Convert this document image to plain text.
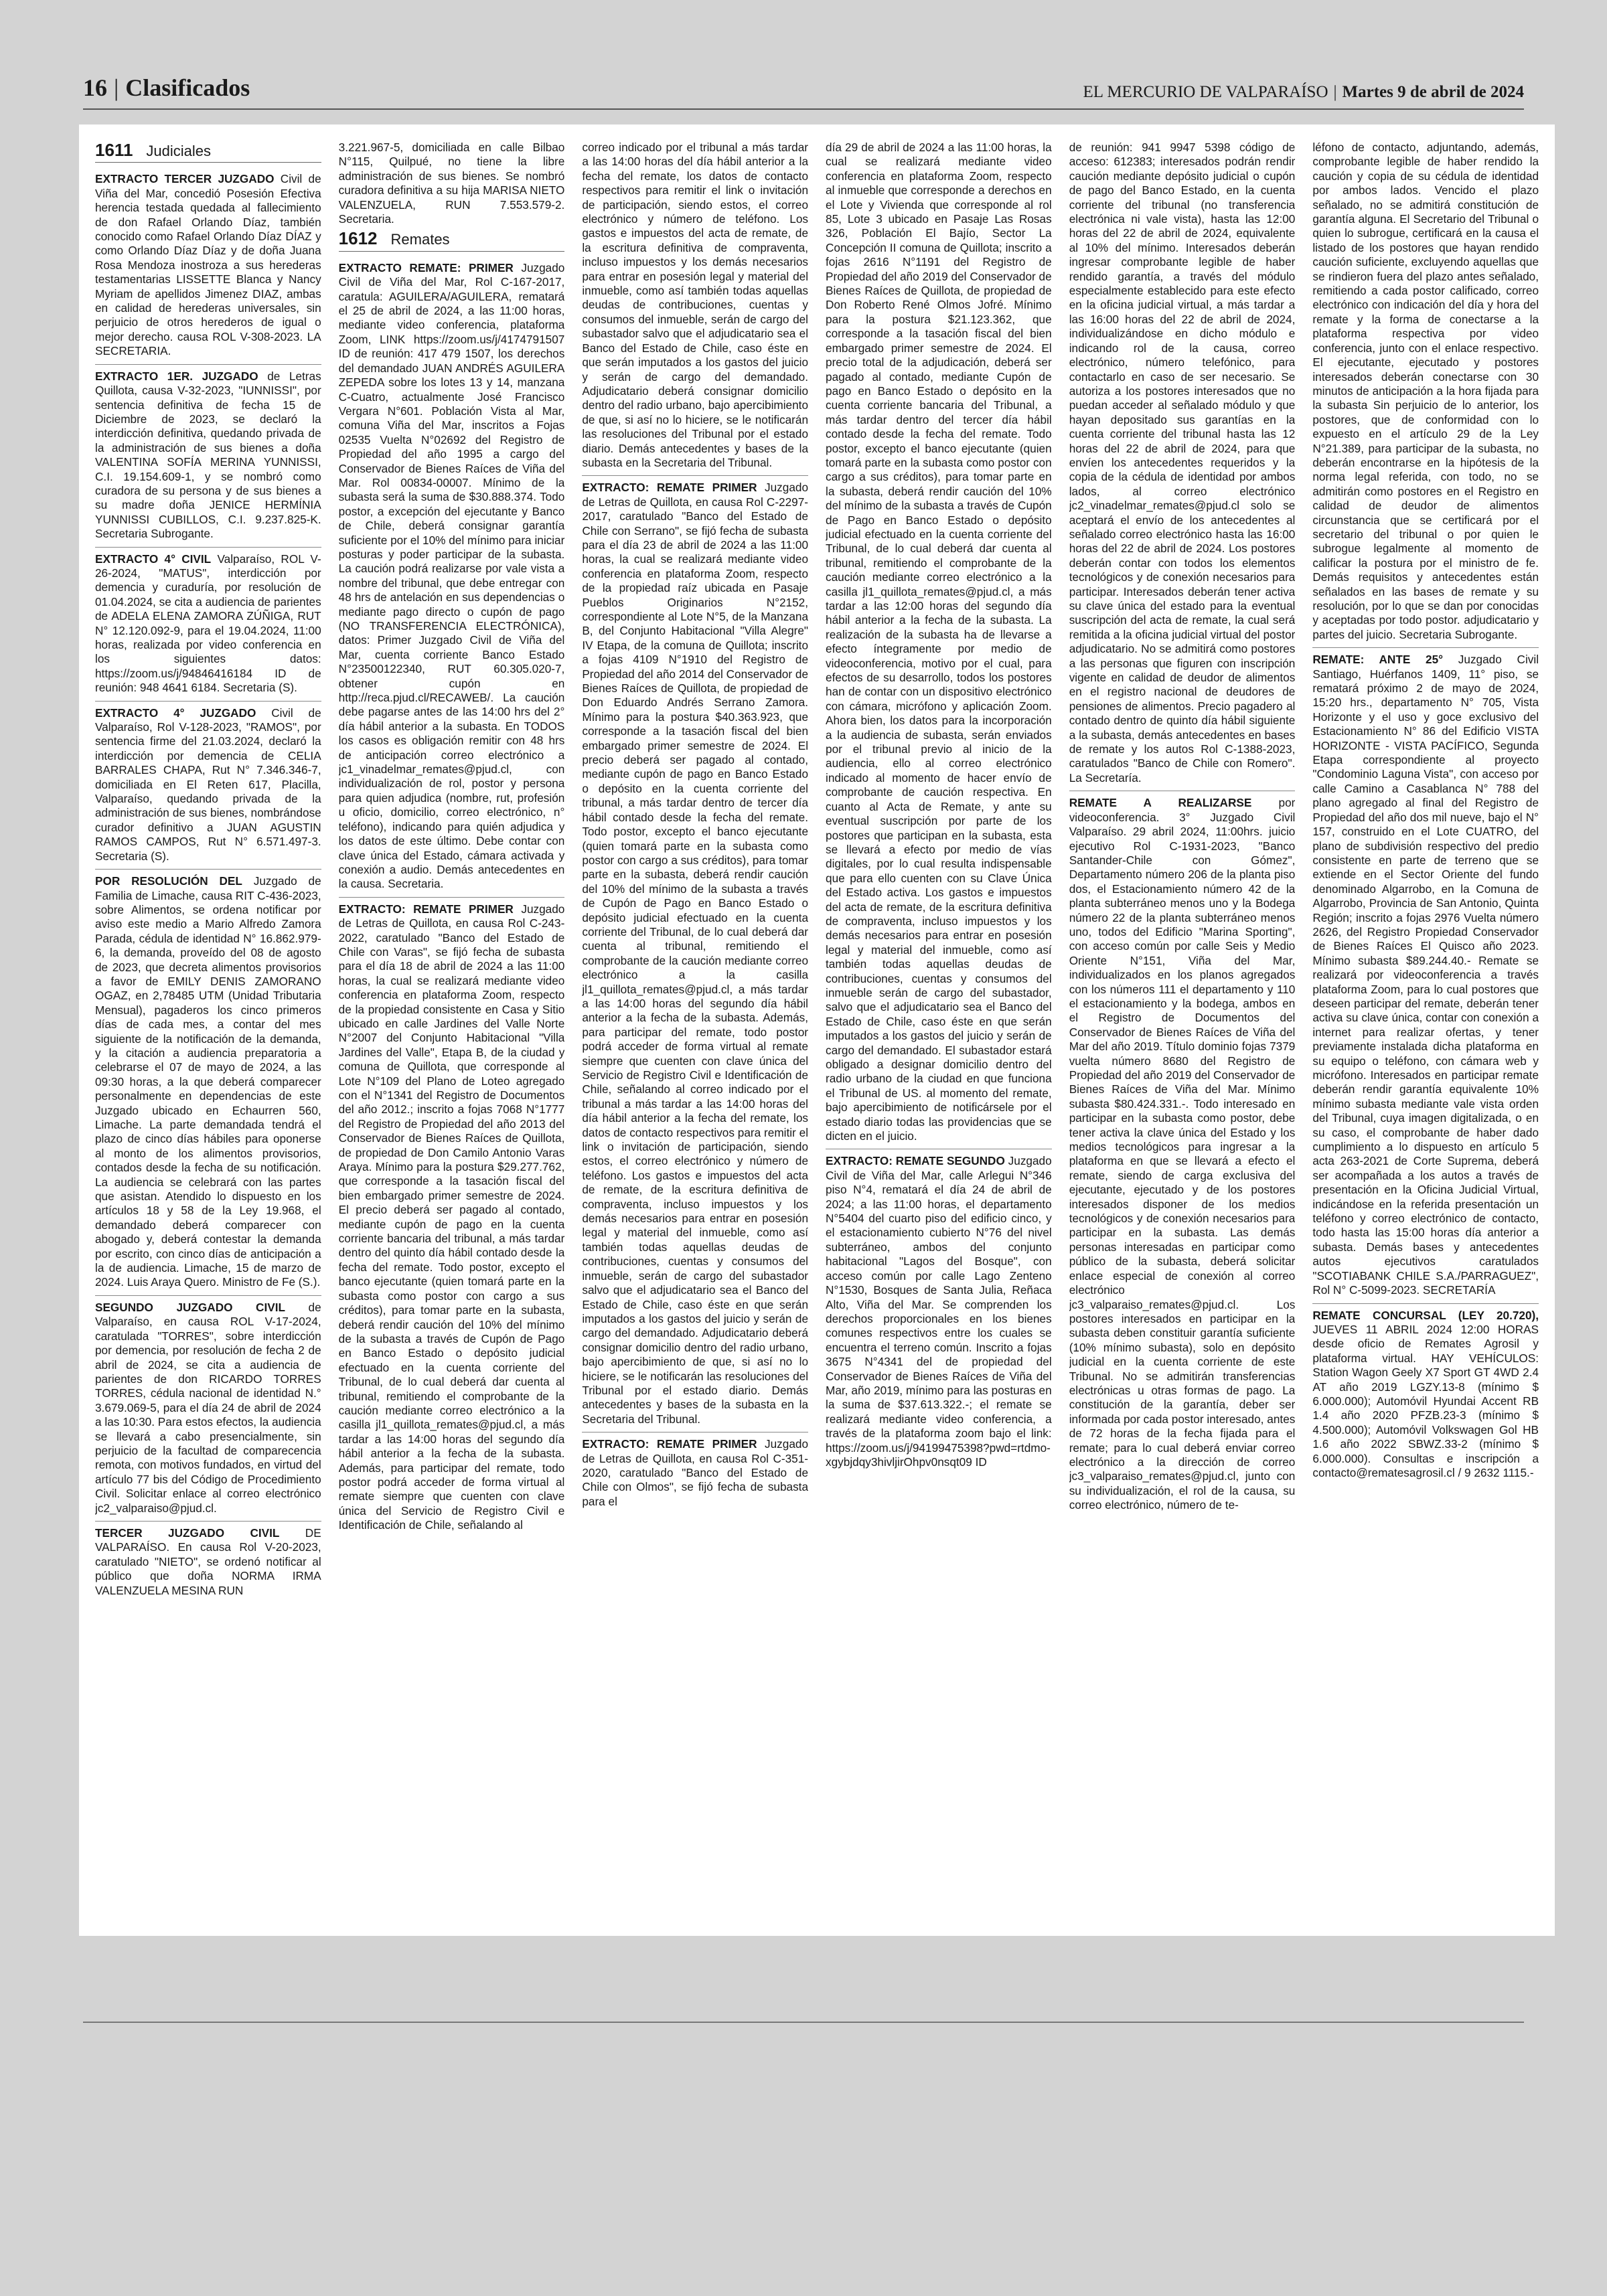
16 | Clasificados	EL MERCURIO DE VALPARAÍSO | Martes 9 de abril de 2024
1611 Judiciales

EXTRACTO TERCER JUZGADO Civil de Viña del Mar, concedió Posesión Efectiva herencia testada quedada al fallecimiento de don Rafael Orlando Díaz, también conocido como Rafael Orlando Díaz DÍAZ y como Orlando Díaz Díaz y de doña Juana Rosa Mendoza inostroza a sus herederas testamentarias LISSETTE Blanca y Nancy Myriam de apellidos Jimenez DIAZ, ambas en calidad de herederas universales, sin perjuicio de otros herederos de igual o mejor derecho. causa ROL V-308-2023. LA SECRETARIA.

EXTRACTO 1ER. JUZGADO de Letras Quillota, causa V-32-2023, "IUNNISSI", por sentencia definitiva de fecha 15 de Diciembre de 2023, se declaró la interdicción definitiva, quedando privada de la administración de sus bienes a doña VALENTINA SOFÍA MERINA YUNNISSI, C.I. 19.154.609-1, y se nombró como curadora de su persona y de sus bienes a su madre doña JENICE HERMÍNIA YUNNISSI CUBILLOS, C.I. 9.237.825-K. Secretaria Subrogante.

EXTRACTO 4° CIVIL Valparaíso, ROL V-26-2024, "MATUS", interdicción por demencia y curaduría, por resolución de 01.04.2024, se cita a audiencia de parientes de ADELA ELENA ZAMORA ZÚÑIGA, RUT N° 12.120.092-9, para el 19.04.2024, 11:00 horas, realizada por video conferencia en los siguientes datos: https://zoom.us/j/94846416184 ID de reunión: 948 4641 6184. Secretaria (S).

EXTRACTO 4° JUZGADO Civil de Valparaíso, Rol V-128-2023, "RAMOS", por sentencia firme del 21.03.2024, declaró la interdicción por demencia de CELIA BARRALES CHAPA, Rut N° 7.346.346-7, domiciliada en El Reten 617, Placilla, Valparaíso, quedando privada de la administración de sus bienes, nombrándose curador definitivo a JUAN AGUSTIN RAMOS CAMPOS, Rut N° 6.571.497-3. Secretaria (S).

POR RESOLUCIÓN DEL Juzgado de Familia de Limache, causa RIT C-436-2023, sobre Alimentos, se ordena notificar por aviso este medio a Mario Alfredo Zamora Parada, cédula de identidad N° 16.862.979-6, la demanda, proveído del 08 de agosto de 2023, que decreta alimentos provisorios a favor de EMILY DENIS ZAMORANO OGAZ, en 2,78485 UTM (Unidad Tributaria Mensual), pagaderos los cinco primeros días de cada mes, a contar del mes siguiente de la notificación de la demanda, y la citación a audiencia preparatoria a celebrarse el 07 de mayo de 2024, a las 09:30 horas, a la que deberá comparecer personalmente en dependencias de este Juzgado ubicado en Echaurren 560, Limache. La parte demandada tendrá el plazo de cinco días hábiles para oponerse al monto de los alimentos provisorios, contados desde la fecha de su notificación. La audiencia se celebrará con las partes que asistan. Atendido lo dispuesto en los artículos 18 y 58 de la Ley 19.968, el demandado deberá comparecer con abogado y, deberá contestar la demanda por escrito, con cinco días de anticipación a la de audiencia. Limache, 15 de marzo de 2024. Luis Araya Quero. Ministro de Fe (S.).

SEGUNDO JUZGADO CIVIL de Valparaíso, en causa ROL V-17-2024, caratulada "TORRES", sobre interdicción por demencia, por resolución de fecha 2 de abril de 2024, se cita a audiencia de parientes de don RICARDO TORRES TORRES, cédula nacional de identidad N.° 3.679.069-5, para el día 24 de abril de 2024 a las 10:30. Para estos efectos, la audiencia se llevará a cabo presencialmente, sin perjuicio de la facultad de comparecencia remota, con motivos fundados, en virtud del artículo 77 bis del Código de Procedimiento Civil. Solicitar enlace al correo electrónico jc2_valparaiso@pjud.cl.

TERCER JUZGADO CIVIL DE VALPARAÍSO. En causa Rol V-20-2023, caratulado "NIETO", se ordenó notificar al público que doña NORMA IRMA VALENZUELA MESINA RUN

3.221.967-5, domiciliada en calle Bilbao N°115, Quilpué, no tiene la libre administración de sus bienes. Se nombró curadora definitiva a su hija MARISA NIETO VALENZUELA, RUN 7.553.579-2. Secretaria.

1612 Remates

EXTRACTO REMATE: PRIMER Juzgado Civil de Viña del Mar, Rol C-167-2017, caratula: AGUILERA/AGUILERA, rematará el 25 de abril de 2024, a las 11:00 horas, mediante video conferencia, plataforma Zoom, LINK https://zoom.us/j/4174791507 ID de reunión: 417 479 1507, los derechos del demandado JUAN ANDRÉS AGUILERA ZEPEDA sobre los lotes 13 y 14, manzana C-Cuatro, actualmente José Francisco Vergara N°601. Población Vista al Mar, comuna Viña del Mar, inscritos a Fojas 02535 Vuelta N°02692 del Registro de Propiedad del año 1995 a cargo del Conservador de Bienes Raíces de Viña del Mar. Rol 00834-00007. Mínimo de la subasta será la suma de $30.888.374. Todo postor, a excepción del ejecutante y Banco de Chile, deberá consignar garantía suficiente por el 10% del mínimo para iniciar posturas y poder participar de la subasta. La caución podrá realizarse por vale vista a nombre del tribunal, que debe entregar con 48 hrs de antelación en sus dependencias o mediante pago directo o cupón de pago (NO TRANSFERENCIA ELECTRÓNICA), datos: Primer Juzgado Civil de Viña del Mar, cuenta corriente Banco Estado N°23500122340, RUT 60.305.020-7, obtener cupón en http://reca.pjud.cl/RECAWEB/. La caución debe pagarse antes de las 14:00 hrs del 2° día hábil anterior a la subasta. En TODOS los casos es obligación remitir con 48 hrs de anticipación correo electrónico a jc1_vinadelmar_remates@pjud.cl, con individualización de rol, postor y persona para quien adjudica (nombre, rut, profesión u oficio, domicilio, correo electrónico, n° teléfono), indicando para quién adjudica y los datos de este último. Debe contar con clave única del Estado, cámara activada y conexión a audio. Demás antecedentes en la causa. Secretaria.

EXTRACTO: REMATE PRIMER Juzgado de Letras de Quillota, en causa Rol C-243-2022, caratulado "Banco del Estado de Chile con Varas", se fijó fecha de subasta para el día 18 de abril de 2024 a las 11:00 horas, la cual se realizará mediante video conferencia en plataforma Zoom, respecto de la propiedad consistente en Casa y Sitio ubicado en calle Jardines del Valle Norte N°2007 del Conjunto Habitacional "Villa Jardines del Valle", Etapa B, de la ciudad y comuna de Quillota, que corresponde al Lote N°109 del Plano de Loteo agregado con el N°1341 del Registro de Documentos del año 2012.; inscrito a fojas 7068 N°1777 del Registro de Propiedad del año 2013 del Conservador de Bienes Raíces de Quillota, de propiedad de Don Camilo Antonio Varas Araya. Mínimo para la postura $29.277.762, que corresponde a la tasación fiscal del bien embargado primer semestre de 2024. El precio deberá ser pagado al contado, mediante cupón de pago en la cuenta corriente bancaria del tribunal, a más tardar dentro del quinto día hábil contado desde la fecha del remate. Todo postor, excepto el banco ejecutante (quien tomará parte en la subasta como postor con cargo a sus créditos), para tomar parte en la subasta, deberá rendir caución del 10% del mínimo de la subasta a través de Cupón de Pago en Banco Estado o depósito judicial efectuado en la cuenta corriente del Tribunal, de lo cual deberá dar cuenta al tribunal, remitiendo el comprobante de la caución mediante correo electrónico a la casilla jl1_quillota_remates@pjud.cl, a más tardar a las 14:00 horas del segundo día hábil anterior a la fecha de la subasta. Además, para participar del remate, todo postor podrá acceder de forma virtual al remate siempre que cuenten con clave única del Servicio de Registro Civil e Identificación de Chile, señalando al

correo indicado por el tribunal a más tardar a las 14:00 horas del día hábil anterior a la fecha del remate, los datos de contacto respectivos para remitir el link o invitación de participación, siendo estos, el correo electrónico y número de teléfono. Los gastos e impuestos del acta de remate, de la escritura definitiva de compraventa, incluso impuestos y los demás necesarios para entrar en posesión legal y material del inmueble, como así también todas aquellas deudas de contribuciones, cuentas y consumos del inmueble, serán de cargo del subastador salvo que el adjudicatario sea el Banco del Estado de Chile, caso éste en que serán imputados a los gastos del juicio y serán de cargo del demandado. Adjudicatario deberá consignar domicilio dentro del radio urbano, bajo apercibimiento de que, si así no lo hiciere, se le notificarán las resoluciones del Tribunal por el estado diario. Demás antecedentes y bases de la subasta en la Secretaria del Tribunal.

EXTRACTO: REMATE PRIMER Juzgado de Letras de Quillota, en causa Rol C-2297-2017, caratulado "Banco del Estado de Chile con Serrano", se fijó fecha de subasta para el día 23 de abril de 2024 a las 11:00 horas, la cual se realizará mediante video conferencia en plataforma Zoom, respecto de la propiedad raíz ubicada en Pasaje Pueblos Originarios N°2152, correspondiente al Lote N°5, de la Manzana B, del Conjunto Habitacional "Villa Alegre" IV Etapa, de la comuna de Quillota; inscrito a fojas 4109 N°1910 del Registro de Propiedad del año 2014 del Conservador de Bienes Raíces de Quillota, de propiedad de Don Eduardo Andrés Serrano Zamora. Mínimo para la postura $40.363.923, que corresponde a la tasación fiscal del bien embargado primer semestre de 2024. El precio deberá ser pagado al contado, mediante cupón de pago en Banco Estado o depósito en la cuenta corriente del tribunal, a más tardar dentro de tercer día hábil contado desde la fecha del remate. Todo postor, excepto el banco ejecutante (quien tomará parte en la subasta como postor con cargo a sus créditos), para tomar parte en la subasta, deberá rendir caución del 10% del mínimo de la subasta a través de Cupón de Pago en Banco Estado o depósito judicial efectuado en la cuenta corriente del Tribunal, de lo cual deberá dar cuenta al tribunal, remitiendo el comprobante de la caución mediante correo electrónico a la casilla jl1_quillota_remates@pjud.cl, a más tardar a las 14:00 horas del segundo día hábil anterior a la fecha de la subasta. Además, para participar del remate, todo postor podrá acceder de forma virtual al remate siempre que cuenten con clave única del Servicio de Registro Civil e Identificación de Chile, señalando al correo indicado por el tribunal a más tardar a las 14:00 horas del día hábil anterior a la fecha del remate, los datos de contacto respectivos para remitir el link o invitación de participación, siendo estos, el correo electrónico y número de teléfono. Los gastos e impuestos del acta de remate, de la escritura definitiva de compraventa, incluso impuestos y los demás necesarios para entrar en posesión legal y material del inmueble, como así también todas aquellas deudas de contribuciones, cuentas y consumos del inmueble, serán de cargo del subastador salvo que el adjudicatario sea el Banco del Estado de Chile, caso éste en que serán imputados a los gastos del juicio y serán de cargo del demandado. Adjudicatario deberá consignar domicilio dentro del radio urbano, bajo apercibimiento de que, si así no lo hiciere, se le notificarán las resoluciones del Tribunal por el estado diario. Demás antecedentes y bases de la subasta en la Secretaria del Tribunal.

EXTRACTO: REMATE PRIMER Juzgado de Letras de Quillota, en causa Rol C-351-2020, caratulado "Banco del Estado de Chile con Olmos", se fijó fecha de subasta para el

día 29 de abril de 2024 a las 11:00 horas, la cual se realizará mediante video conferencia en plataforma Zoom, respecto al inmueble que corresponde a derechos en el Lote y Vivienda que corresponde al rol 85, Lote 3 ubicado en Pasaje Las Rosas 326, Población El Bajío, Sector La Concepción II comuna de Quillota; inscrito a fojas 2616 N°1191 del Registro de Propiedad del año 2019 del Conservador de Bienes Raíces de Quillota, de propiedad de Don Roberto René Olmos Jofré. Mínimo para la postura $21.123.362, que corresponde a la tasación fiscal del bien embargado primer semestre de 2024. El precio total de la adjudicación, deberá ser pagado al contado, mediante Cupón de pago en Banco Estado o depósito en la cuenta corriente bancaria del Tribunal, a más tardar dentro del tercer día hábil contado desde la fecha del remate. Todo postor, excepto el banco ejecutante (quien tomará parte en la subasta como postor con cargo a sus créditos), para tomar parte en la subasta, deberá rendir caución del 10% del mínimo de la subasta a través de Cupón de Pago en Banco Estado o depósito judicial efectuado en la cuenta corriente del Tribunal, de lo cual deberá dar cuenta al tribunal, remitiendo el comprobante de la caución mediante correo electrónico a la casilla jl1_quillota_remates@pjud.cl, a más tardar a las 12:00 horas del segundo día hábil anterior a la fecha de la subasta. La realización de la subasta ha de llevarse a efecto íntegramente por medio de videoconferencia, motivo por el cual, para efectos de su desarrollo, todos los postores han de contar con un dispositivo electrónico con cámara, micrófono y aplicación Zoom. Ahora bien, los datos para la incorporación a la audiencia de subasta, serán enviados por el tribunal previo al inicio de la audiencia, ello al correo electrónico indicado al momento de hacer envío de comprobante de caución respectiva. En cuanto al Acta de Remate, y ante su eventual suscripción por parte de los postores que participan en la subasta, esta se llevará a efecto por medio de vías digitales, por lo cual resulta indispensable que para ello cuenten con su Clave Única del Estado activa. Los gastos e impuestos del acta de remate, de la escritura definitiva de compraventa, incluso impuestos y los demás necesarios para entrar en posesión legal y material del inmueble, como así también todas aquellas deudas de contribuciones, cuentas y consumos del inmueble serán de cargo del subastador, salvo que el adjudicatario sea el Banco del Estado de Chile, caso éste en que serán imputados a los gastos del juicio y serán de cargo del demandado. El subastador estará obligado a designar domicilio dentro del radio urbano de la ciudad en que funciona el Tribunal de US. al momento del remate, bajo apercibimiento de notificársele por el estado diario todas las providencias que se dicten en el juicio.

EXTRACTO: REMATE SEGUNDO Juzgado Civil de Viña del Mar, calle Arlegui N°346 piso N°4, rematará el día 24 de abril de 2024; a las 11:00 horas, el departamento N°5404 del cuarto piso del edificio cinco, y el estacionamiento cubierto N°76 del nivel subterráneo, ambos del conjunto habitacional "Lagos del Bosque", con acceso común por calle Lago Zenteno N°1530, Bosques de Santa Julia, Reñaca Alto, Viña del Mar. Se comprenden los derechos proporcionales en los bienes comunes respectivos entre los cuales se encuentra el terreno común. Inscrito a fojas 3675 N°4341 del de propiedad del Conservador de Bienes Raíces de Viña del Mar, año 2019, mínimo para las posturas en la suma de $37.613.322.-; el remate se realizará mediante video conferencia, a través de la plataforma zoom bajo el link: https://zoom.us/j/94199475398?pwd=rtdmo-xgybjdqy3hivljirOhpv0nsqt09 ID

de reunión: 941 9947 5398 código de acceso: 612383; interesados podrán rendir caución mediante depósito judicial o cupón de pago del Banco Estado, en la cuenta corriente del tribunal (no transferencia electrónica ni vale vista), hasta las 12:00 horas del 22 de abril de 2024, equivalente al 10% del mínimo. Interesados deberán ingresar comprobante legible de haber rendido garantía, a través del módulo especialmente establecido para este efecto en la oficina judicial virtual, a más tardar a las 16:00 horas del 22 de abril de 2024, individualizándose en dicho módulo e indicando rol de la causa, correo electrónico, número telefónico, para contactarlo en caso de ser necesario. Se autoriza a los postores interesados que no puedan acceder al señalado módulo y que hayan depositado sus garantías en la cuenta corriente del tribunal hasta las 12 horas del 22 de abril de 2024, para que envíen los antecedentes requeridos y la copia de la cédula de identidad por ambos lados, al correo electrónico jc2_vinadelmar_remates@pjud.cl solo se aceptará el envío de los antecedentes al señalado correo electrónico hasta las 16:00 horas del 22 de abril de 2024. Los postores deberán contar con todos los elementos tecnológicos y de conexión necesarios para participar. Interesados deberán tener activa su clave única del estado para la eventual suscripción del acta de remate, la cual será remitida a la oficina judicial virtual del postor adjudicatario. No se admitirá como postores a las personas que figuren con inscripción vigente en calidad de deudor de alimentos en el registro nacional de deudores de pensiones de alimentos. Precio pagadero al contado dentro de quinto día hábil siguiente a la subasta, demás antecedentes en bases de remate y los autos Rol C-1388-2023, caratulados "Banco de Chile con Romero". La Secretaría.

REMATE A REALIZARSE por videoconferencia. 3° Juzgado Civil Valparaíso. 29 abril 2024, 11:00hrs. juicio ejecutivo Rol C-1931-2023, "Banco Santander-Chile con Gómez", Departamento número 206 de la planta piso dos, el Estacionamiento número 42 de la planta subterráneo menos uno y la Bodega número 22 de la planta subterráneo menos uno, todos del Edificio "Marina Sporting", con acceso común por calle Seis y Medio Oriente N°151, Viña del Mar, individualizados en los planos agregados con los números 111 el departamento y 110 el estacionamiento y la bodega, ambos en el Registro de Documentos del Conservador de Bienes Raíces de Viña del Mar del año 2019. Título dominio fojas 7379 vuelta número 8680 del Registro de Propiedad del año 2019 del Conservador de Bienes Raíces de Viña del Mar. Mínimo subasta $80.424.331.-. Todo interesado en participar en la subasta como postor, debe tener activa la clave única del Estado y los medios tecnológicos para ingresar a la plataforma en que se llevará a efecto el remate, siendo de carga exclusiva del ejecutante, ejecutado y de los postores interesados disponer de los medios tecnológicos y de conexión necesarios para participar en la subasta. Las demás personas interesadas en participar como público de la subasta, deberá solicitar enlace especial de conexión al correo electrónico jc3_valparaiso_remates@pjud.cl. Los postores interesados en participar en la subasta deben constituir garantía suficiente (10% mínimo subasta), solo en depósito judicial en la cuenta corriente de este Tribunal. No se admitirán transferencias electrónicas u otras formas de pago. La constitución de la garantía, deber ser informada por cada postor interesado, antes de 72 horas de la fecha fijada para el remate; para lo cual deberá enviar correo electrónico a la dirección de correo jc3_valparaiso_remates@pjud.cl, junto con su individualización, el rol de la causa, su correo electrónico, número de te-

léfono de contacto, adjuntando, además, comprobante legible de haber rendido la caución y copia de su cédula de identidad por ambos lados. Vencido el plazo señalado, no se admitirá constitución de garantía alguna. El Secretario del Tribunal o quien lo subrogue, certificará en la causa el listado de los postores que hayan rendido caución suficiente, excluyendo aquellas que se rindieron fuera del plazo antes señalado, remitiendo a cada postor calificado, correo electrónico con indicación del día y hora del remate y la forma de conectarse a la plataforma respectiva por video conferencia, junto con el enlace respectivo. El ejecutante, ejecutado y postores interesados deberán conectarse con 30 minutos de anticipación a la hora fijada para la subasta Sin perjuicio de lo anterior, los postores, que de conformidad con lo expuesto en el artículo 29 de la Ley N°21.389, para participar de la subasta, no deberán encontrarse en la hipótesis de la norma legal referida, con todo, no se admitirán como postores en el Registro en calidad de deudor de alimentos circunstancia que se certificará por el secretario del tribunal o por quien le subrogue legalmente al momento de calificar la postura por el ministro de fe. Demás requisitos y antecedentes están señalados en las bases de remate y su resolución, por lo que se dan por conocidas y aceptadas por todo postor. adjudicatario y partes del juicio. Secretaria Subrogante.

REMATE: ANTE 25° Juzgado Civil Santiago, Huérfanos 1409, 11° piso, se rematará próximo 2 de mayo de 2024, 15:20 hrs., departamento N° 705, Vista Horizonte y el uso y goce exclusivo del Estacionamiento N° 86 del Edificio VISTA HORIZONTE - VISTA PACÍFICO, Segunda Etapa correspondiente al proyecto "Condominio Laguna Vista", con acceso por calle Camino a Casablanca N° 788 del plano agregado al final del Registro de Propiedad del año dos mil nueve, bajo el N° 157, construido en el Lote CUATRO, del plano de subdivisión respectivo del predio consistente en parte de terreno que se extiende en el Sector Oriente del fundo denominado Algarrobo, en la Comuna de Algarrobo, Provincia de San Antonio, Quinta Región; inscrito a fojas 2976 Vuelta número 2626, del Registro Propiedad Conservador de Bienes Raíces El Quisco año 2023. Mínimo subasta $89.244.40.- Remate se realizará por videoconferencia a través plataforma Zoom, para lo cual postores que deseen participar del remate, deberán tener activa su clave única, contar con conexión a internet para realizar ofertas, y tener previamente instalada dicha plataforma en su equipo o teléfono, con cámara web y micrófono. Interesados en participar remate deberán rendir garantía equivalente 10% mínimo subasta mediante vale vista orden del Tribunal, cuya imagen digitalizada, o en su caso, el comprobante de haber dado cumplimiento a lo dispuesto en artículo 5 acta 263-2021 de Corte Suprema, deberá ser acompañada a los autos a través de presentación en la Oficina Judicial Virtual, indicándose en la referida presentación un teléfono y correo electrónico de contacto, todo hasta las 15:00 horas día anterior a subasta. Demás bases y antecedentes autos ejecutivos caratulados "SCOTIABANK CHILE S.A./PARRAGUEZ", Rol N° C-5099-2023. SECRETARÍA

REMATE CONCURSAL (LEY 20.720), JUEVES 11 ABRIL 2024 12:00 HORAS desde oficio de Remates Agrosil y plataforma virtual. HAY VEHÍCULOS: Station Wagon Geely X7 Sport GT 4WD 2.4 AT año 2019 LGZY.13-8 (mínimo $ 6.000.000); Automóvil Hyundai Accent RB 1.4 año 2020 PFZB.23-3 (mínimo $ 4.500.000); Automóvil Volkswagen Gol HB 1.6 año 2022 SBWZ.33-2 (mínimo $ 6.000.000). Consultas e inscripción a contacto@rematesagrosil.cl / 9 2632 1115.-
